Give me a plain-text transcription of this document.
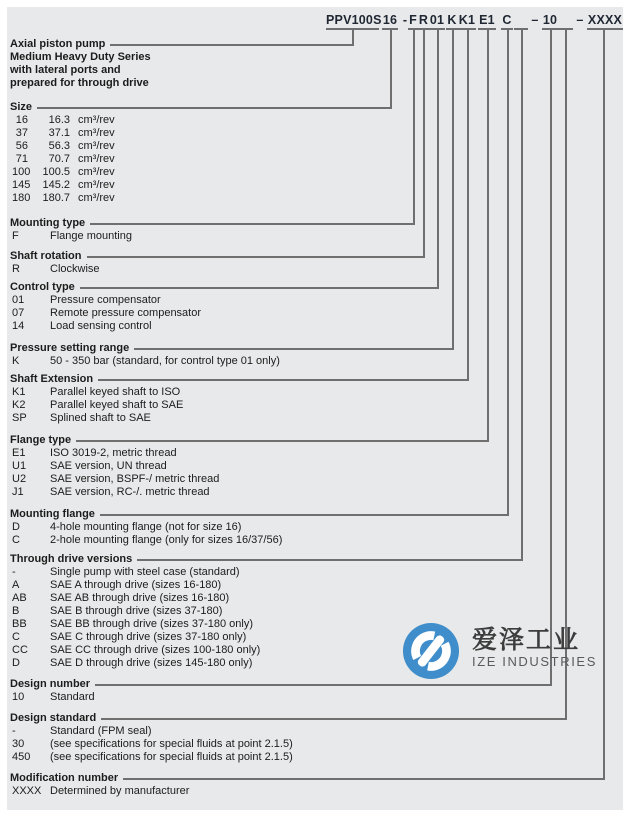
PPV100S 16 - F R 01 K K1 E1 C – 10 – XXXX
Axial piston pump
Medium Heavy Duty Series
with lateral ports and
prepared for through drive
Size
16	16.3 cm³/rev
37	37.1 cm³/rev
56	56.3 cm³/rev
71	70.7 cm³/rev
100	100.5 cm³/rev
145	145.2 cm³/rev
180	180.7 cm³/rev
Mounting type
F	Flange mounting
Shaft rotation
R	Clockwise
Control type
01	Pressure compensator
07	Remote pressure compensator
14	Load sensing control
Pressure setting range
K	50 - 350 bar (standard, for control type 01 only)
Shaft Extension
K1	Parallel keyed shaft to ISO
K2	Parallel keyed shaft to SAE
SP	Splined shaft to SAE
Flange type
E1	ISO 3019-2, metric thread
U1	SAE version, UN thread
U2	SAE version, BSPF-/ metric thread
J1	SAE version, RC-/. metric thread
Mounting flange
D	4-hole mounting flange (not for size 16)
C	2-hole mounting flange (only for sizes 16/37/56)
Through drive versions
-	Single pump with steel case (standard)
A	SAE A through drive (sizes 16-180)
AB	SAE AB through drive (sizes 16-180)
B	SAE B through drive (sizes 37-180)
BB	SAE BB through drive (sizes 37-180 only)
C	SAE C through drive (sizes 37-180 only)
CC	SAE CC through drive (sizes 100-180 only)
D	SAE D through drive (sizes 145-180 only)
Design number
10	Standard
Design standard
-	Standard (FPM seal)
30	(see specifications for special fluids at point 2.1.5)
450	(see specifications for special fluids at point 2.1.5)
Modification number
XXXX Determined by manufacturer
爱泽工业
IZE INDUSTRIES
